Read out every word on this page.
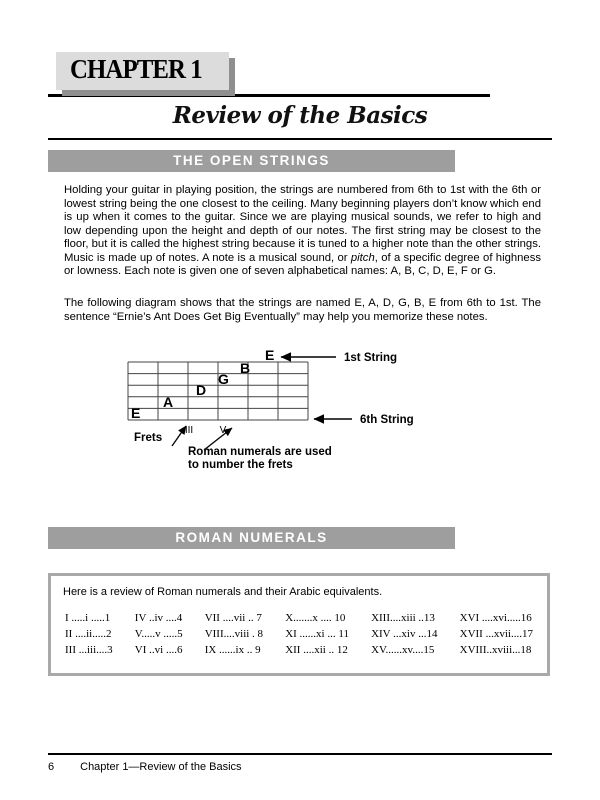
CHAPTER 1
Review of the Basics
THE OPEN STRINGS

Holding your guitar in playing position, the strings are numbered from 6th to 1st with the 6th or lowest string being the one closest to the ceiling. Many beginning players don’t know which end is up when it comes to the guitar. Since we are playing musical sounds, we refer to high and low depending upon the height and depth of our notes. The first string may be closest to the floor, but it is called the highest string because it is tuned to a higher note than the other strings. Music is made up of notes. A note is a musical sound, or pitch, of a specific degree of highness or lowness. Each note is given one of seven alphabetical names: A, B, C, D, E, F or G.

The following diagram shows that the strings are named E, A, D, G, B, E from 6th to 1st. The sentence “Ernie’s Ant Does Get Big Eventually” may help you memorize these notes.

E
A
D
G
B
E	1st String
6th String
III	V
Frets
Roman numerals are used
to number the frets
ROMAN NUMERALS

Here is a review of Roman numerals and their Arabic equivalents.

I .....i .....1
II ....ii.....2
III ...iii....3
IV ..iv ....4
V.....v .....5
VI ..vi ....6
VII ....vii .. 7
VIII....viii . 8
IX ......ix .. 9
X.......x .... 10
XI ......xi ... 11
XII ....xii .. 12
XIII....xiii ..13
XIV ...xiv ...14
XV......xv....15
XVI ....xvi.....16
XVII ...xvii....17
XVIII..xviii...18
6 Chapter 1—Review of the Basics
